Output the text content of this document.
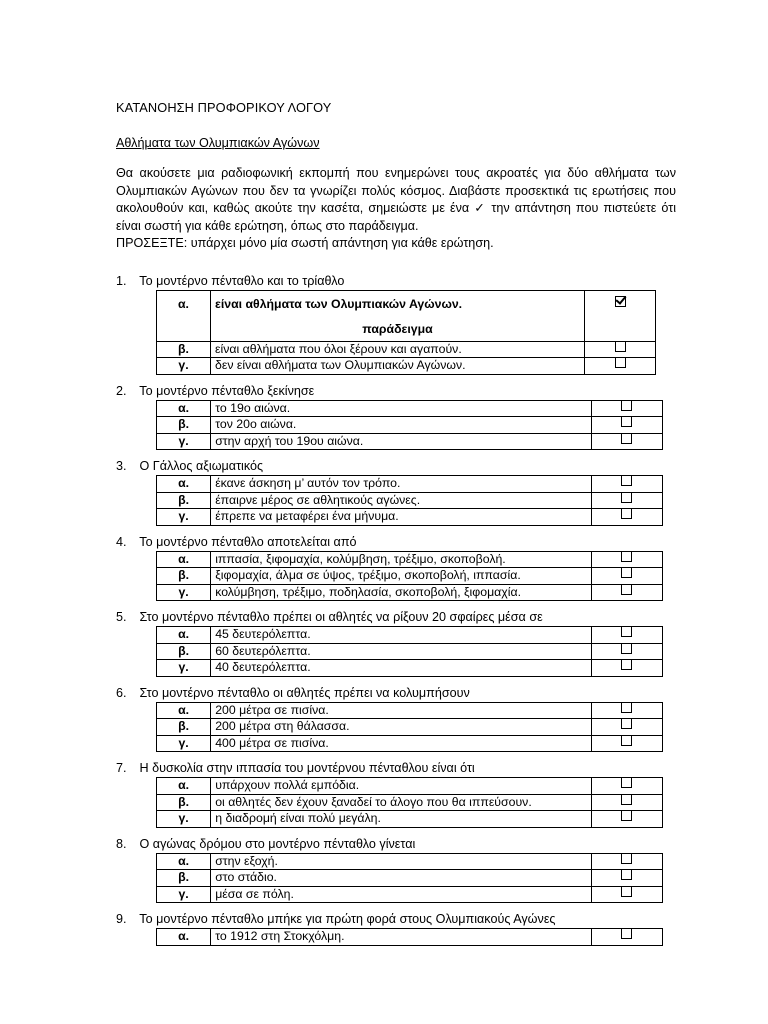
ΚΑΤΑΝΟΗΣΗ ΠΡΟΦΟΡΙΚΟΥ ΛΟΓΟΥ
Αθλήματα των Ολυμπιακών Αγώνων

Θα ακούσετε μια ραδιοφωνική εκπομπή που ενημερώνει τους ακροατές για δύο αθλήματα των Ολυμπιακών Αγώνων που δεν τα γνωρίζει πολύς κόσμος. Διαβάστε προσεκτικά τις ερωτήσεις που ακολουθούν και, καθώς ακούτε την κασέτα, σημειώστε με ένα ✓ την απάντηση που πιστεύετε ότι είναι σωστή για κάθε ερώτηση, όπως στο παράδειγμα.

ΠΡΟΣΕΞΤΕ: υπάρχει μόνο μία σωστή απάντηση για κάθε ερώτηση.

1. Το μοντέρνο πένταθλο και το τρίαθλο
α.	είναι αθλήματα των Ολυμπιακών Αγώνων.
παράδειγμα	

β.	είναι αθλήματα που όλοι ξέρουν και αγαπούν.	
γ.	δεν είναι αθλήματα των Ολυμπιακών Αγώνων.	
2. Το μοντέρνο πένταθλο ξεκίνησε
α.	το 19ο αιώνα.	
β.	τον 20ο αιώνα.	
γ.	στην αρχή του 19ου αιώνα.	
3. Ο Γάλλος αξιωματικός
α.	έκανε άσκηση μ’ αυτόν τον τρόπο.	
β.	έπαιρνε μέρος σε αθλητικούς αγώνες.	
γ.	έπρεπε να μεταφέρει ένα μήνυμα.	
4. Το μοντέρνο πένταθλο αποτελείται από
α.	ιππασία, ξιφομαχία, κολύμβηση, τρέξιμο, σκοποβολή.	
β.	ξιφομαχία, άλμα σε ύψος, τρέξιμο, σκοποβολή, ιππασία.	
γ.	κολύμβηση, τρέξιμο, ποδηλασία, σκοποβολή, ξιφομαχία.	
5. Στο μοντέρνο πένταθλο πρέπει οι αθλητές να ρίξουν 20 σφαίρες μέσα σε
α.	45 δευτερόλεπτα.	
β.	60 δευτερόλεπτα.	
γ.	40 δευτερόλεπτα.	
6. Στο μοντέρνο πένταθλο οι αθλητές πρέπει να κολυμπήσουν
α.	200 μέτρα σε πισίνα.	
β.	200 μέτρα στη θάλασσα.	
γ.	400 μέτρα σε πισίνα.	
7. Η δυσκολία στην ιππασία του μοντέρνου πένταθλου είναι ότι
α.	υπάρχουν πολλά εμπόδια.	
β.	οι αθλητές δεν έχουν ξαναδεί το άλογο που θα ιππεύσουν.	
γ.	η διαδρομή είναι πολύ μεγάλη.	
8. Ο αγώνας δρόμου στο μοντέρνο πένταθλο γίνεται
α.	στην εξοχή.	
β.	στο στάδιο.	
γ.	μέσα σε πόλη.	
9. Το μοντέρνο πένταθλο μπήκε για πρώτη φορά στους Ολυμπιακούς Αγώνες
α.	το 1912 στη Στοκχόλμη.	
